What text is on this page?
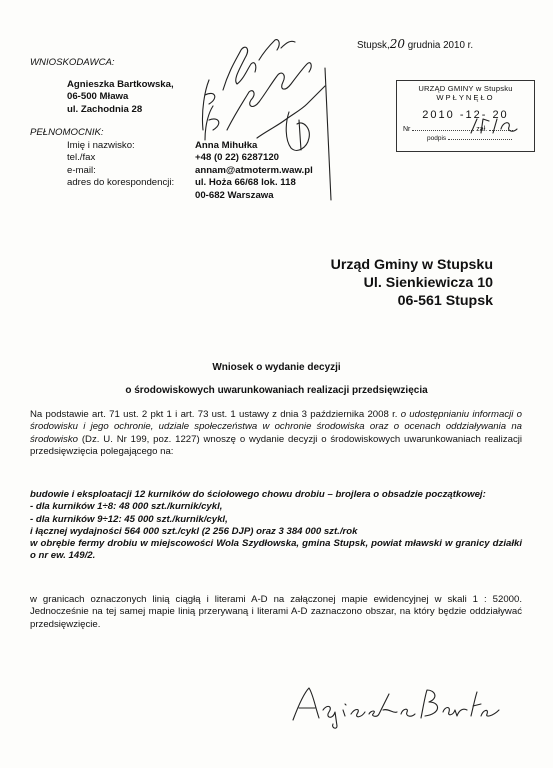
Stupsk,20 grudnia 2010 r.
WNIOSKODAWCA:
Agnieszka Bartkowska,
06-500 Mława
ul. Zachodnia 28
PEŁNOMOCNIK:
Imię i nazwisko:	Anna Mihułka
tel./fax	+48 (0 22) 6287120
e-mail:	annam@atmoterm.waw.pl
adres do korespondencji:	ul. Hoża 66/68 lok. 118
00-682 Warszawa
URZĄD GMINY w Stupsku
WPŁYNĘŁO
2010 -12- 20
Nr	zał.
podpis
Urząd Gminy w Stupsku
Ul. Sienkiewicza 10
06-561 Stupsk
Wniosek o wydanie decyzji
o środowiskowych uwarunkowaniach realizacji przedsięwzięcia
Na podstawie art. 71 ust. 2 pkt 1 i art. 73 ust. 1 ustawy z dnia 3 października 2008 r. o udostępnianiu informacji o środowisku i jego ochronie, udziale społeczeństwa w ochronie środowiska oraz o ocenach oddziaływania na środowisko (Dz. U. Nr 199, poz. 1227) wnoszę o wydanie decyzji o środowiskowych uwarunkowaniach realizacji przedsięwzięcia polegającego na:
budowie i eksploatacji 12 kurników do ściołowego chowu drobiu – brojlera o obsadzie początkowej:
- dla kurników 1÷8: 48 000 szt./kurnik/cykl,
- dla kurników 9÷12: 45 000 szt./kurnik/cykl,
i łącznej wydajności 564 000 szt./cykl (2 256 DJP) oraz 3 384 000 szt./rok
w obrębie fermy drobiu w miejscowości Wola Szydłowska, gmina Stupsk, powiat mławski w granicy działki o nr ew. 149/2.
w granicach oznaczonych linią ciągłą i literami A-D na załączonej mapie ewidencyjnej w skali 1 : 52000. Jednocześnie na tej samej mapie linią przerywaną i literami A-D zaznaczono obszar, na który będzie oddziaływać przedsięwzięcie.
